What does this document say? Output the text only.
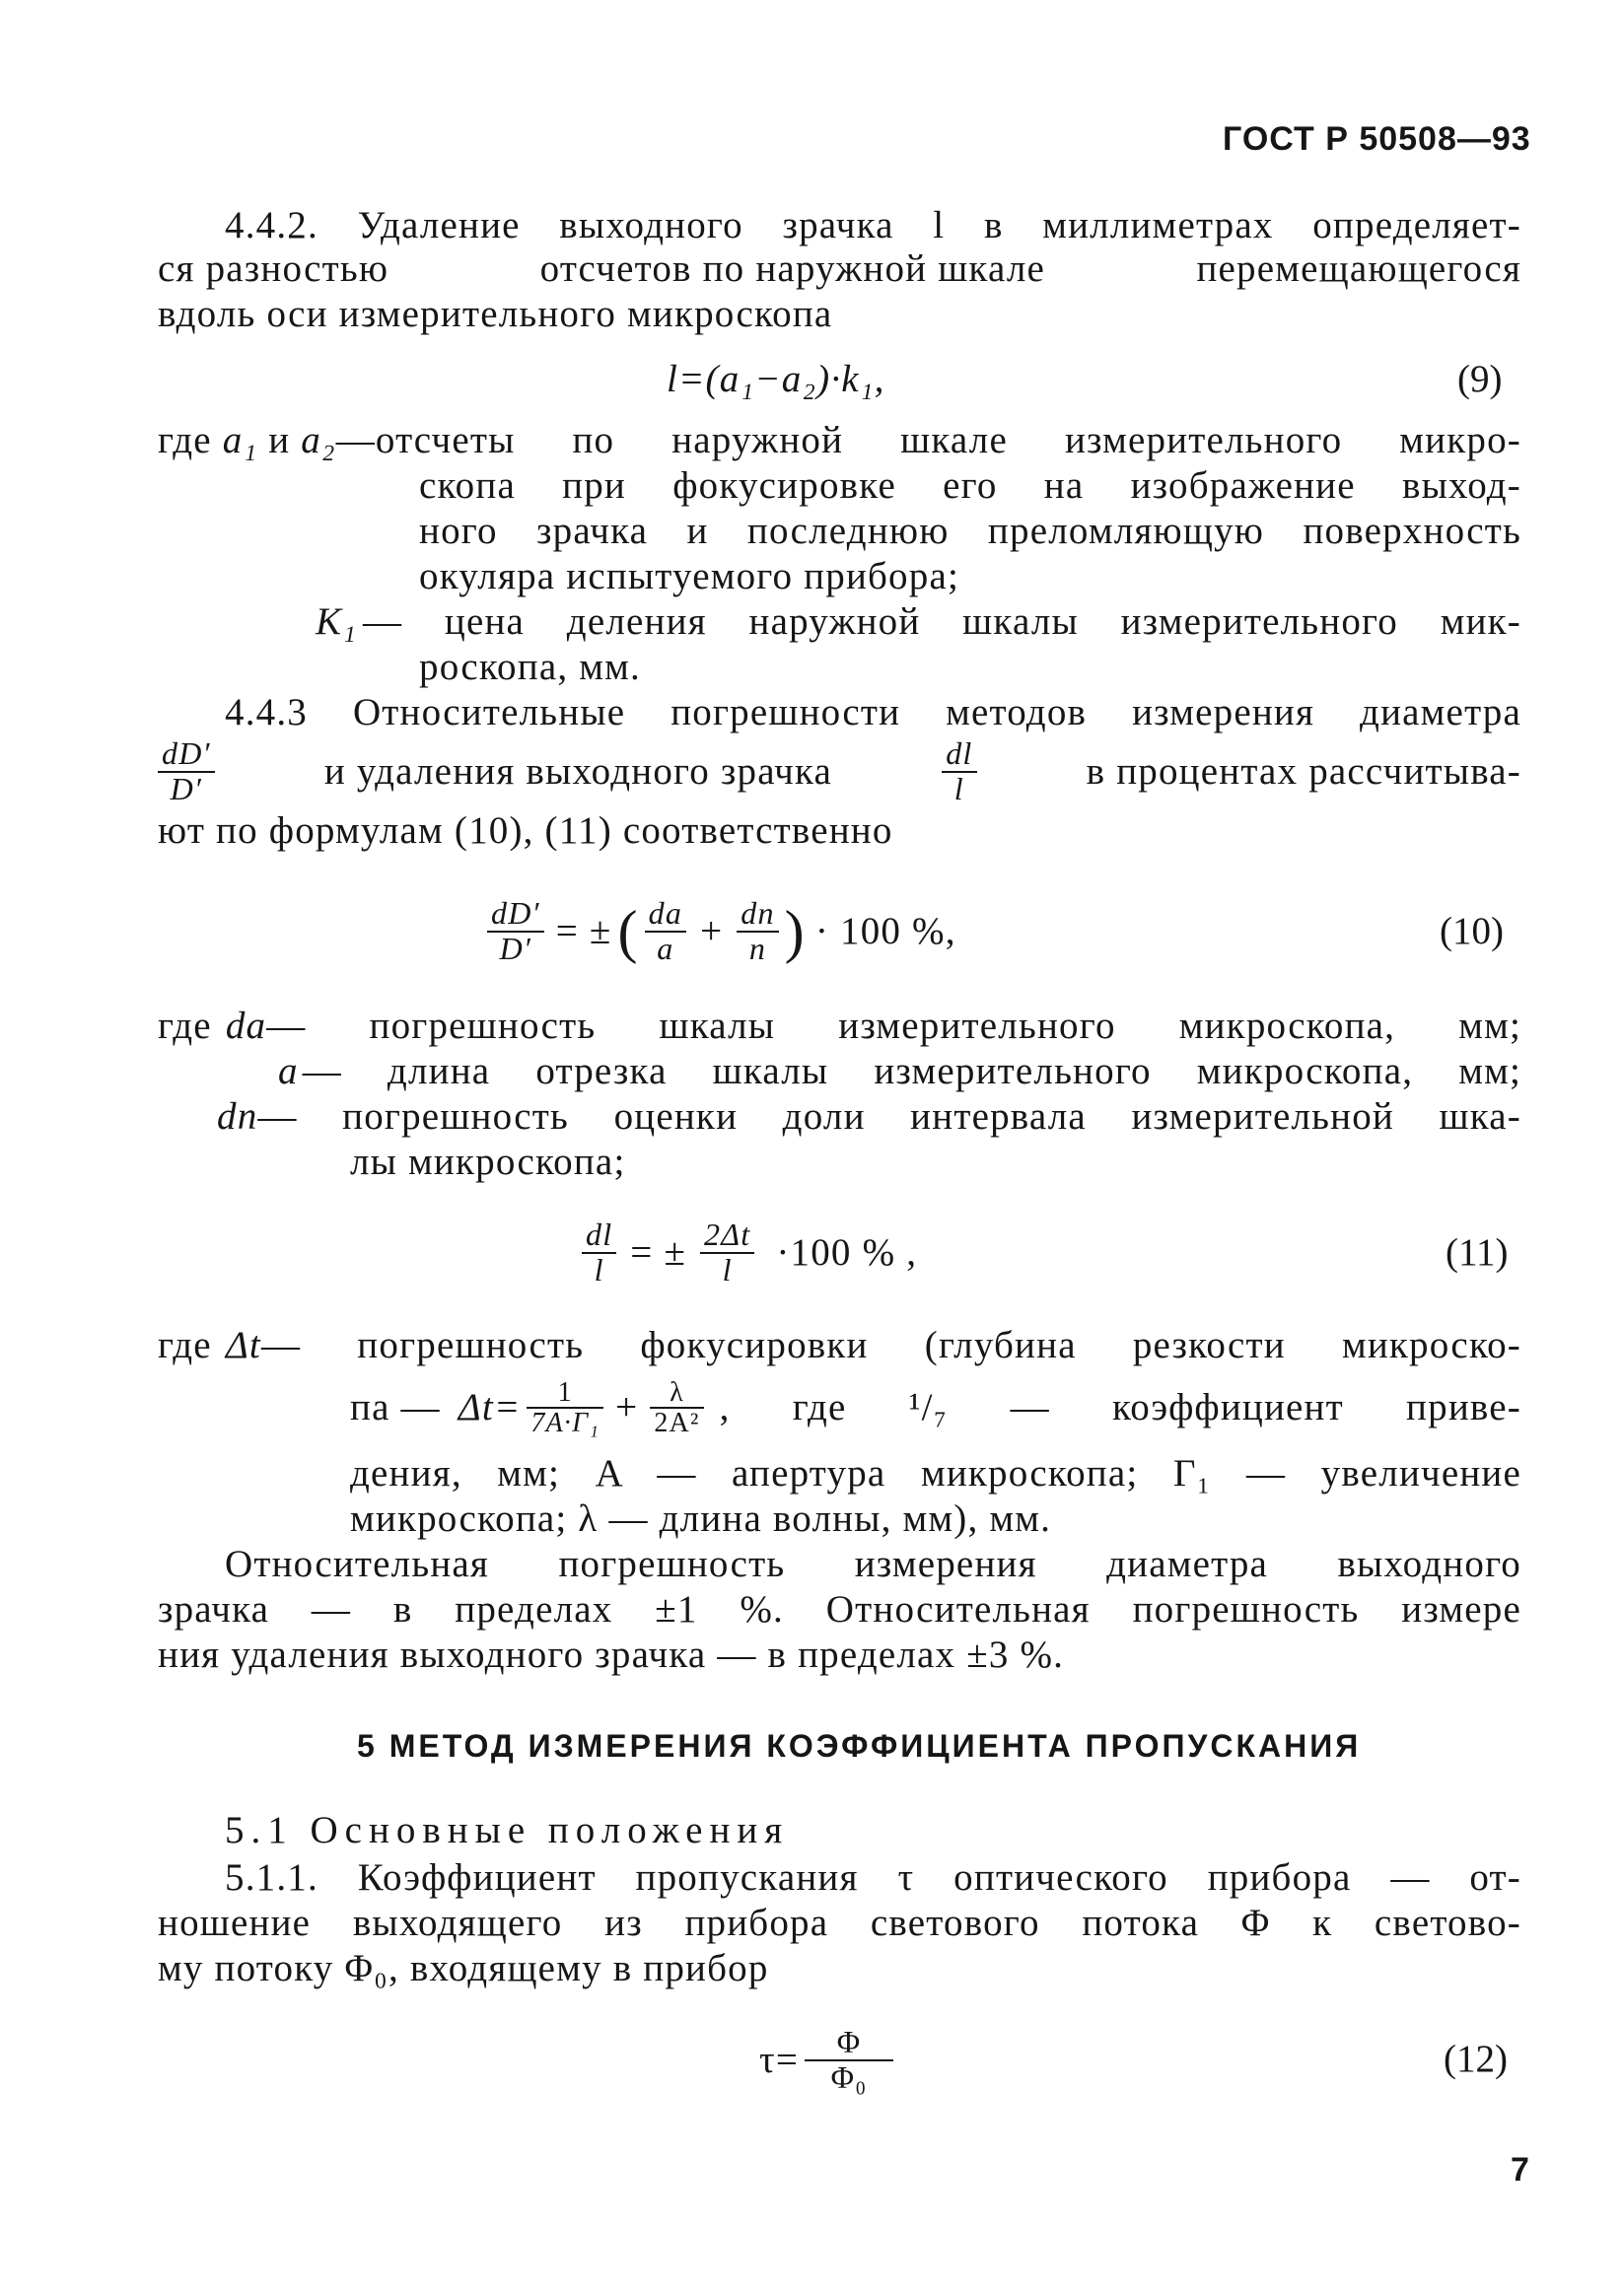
ГОСТ Р 50508—93
4.4.2. Удаление выходного зрачка l в миллиметрах определяет-
ся разностью	отсчетов по наружной шкале	перемещающегося
вдоль оси измерительного микроскопа
l=(a₁−a₂)·k₁,	(9)
где a₁ и a₂ —отсчеты по наружной шкале измерительного микро-
скопа при фокусировке его на изображение выход-
ного зрачка и последнюю преломляющую поверхность
окуляра испытуемого прибора;
K₁ — цена деления наружной шкалы измерительного мик-
роскопа, мм.
4.4.3 Относительные погрешности методов измерения диаметра
$\frac{dD'}{D'}$	и удаления выходного зрачка	$\frac{dl}{l}$	в процентах рассчитыва-
ют по формулам (10), (11) соответственно
$\frac{dD'}{D'}$ = ± ( $\frac{da}{a} + \frac{dn}{n}$ ) · 100 %,	(10)
где da — погрешность шкалы измерительного микроскопа, мм;
a — длина отрезка шкалы измерительного микроскопа, мм;
dn — погрешность оценки доли интервала измерительной шка-
лы микроскопа;
$\frac{dl}{l}$ = ± $\frac{2\Delta t}{l} \cdot 100$ % ,	(11)
где Δt — погрешность фокусировки (глубина резкости микроско-
па — $\Delta t= \frac{1}{\text{7A·Γ₁}} + \frac{\lambda}{\text{2A²}}$ , где ¹/₇ — коэффициент приве-
дения, мм; A — апертура микроскопа; Γ₁ — увеличение
микроскопа; λ — длина волны, мм), мм.
Относительная погрешность измерения диаметра выходного
зрачка — в пределах ±1 %. Относительная погрешность измере
ния удаления выходного зрачка — в пределах ±3 %.
5 МЕТОД ИЗМЕРЕНИЯ КОЭФФИЦИЕНТА ПРОПУСКАНИЯ
5.1 Основные положения
5.1.1. Коэффициент пропускания τ оптического прибора — от-
ношение выходящего из прибора светового потока Φ к светово-
му потоку Φ₀, входящему в прибор
$\tau= \frac{\Phi}{\text{Φ₀}}$	(12)
7
